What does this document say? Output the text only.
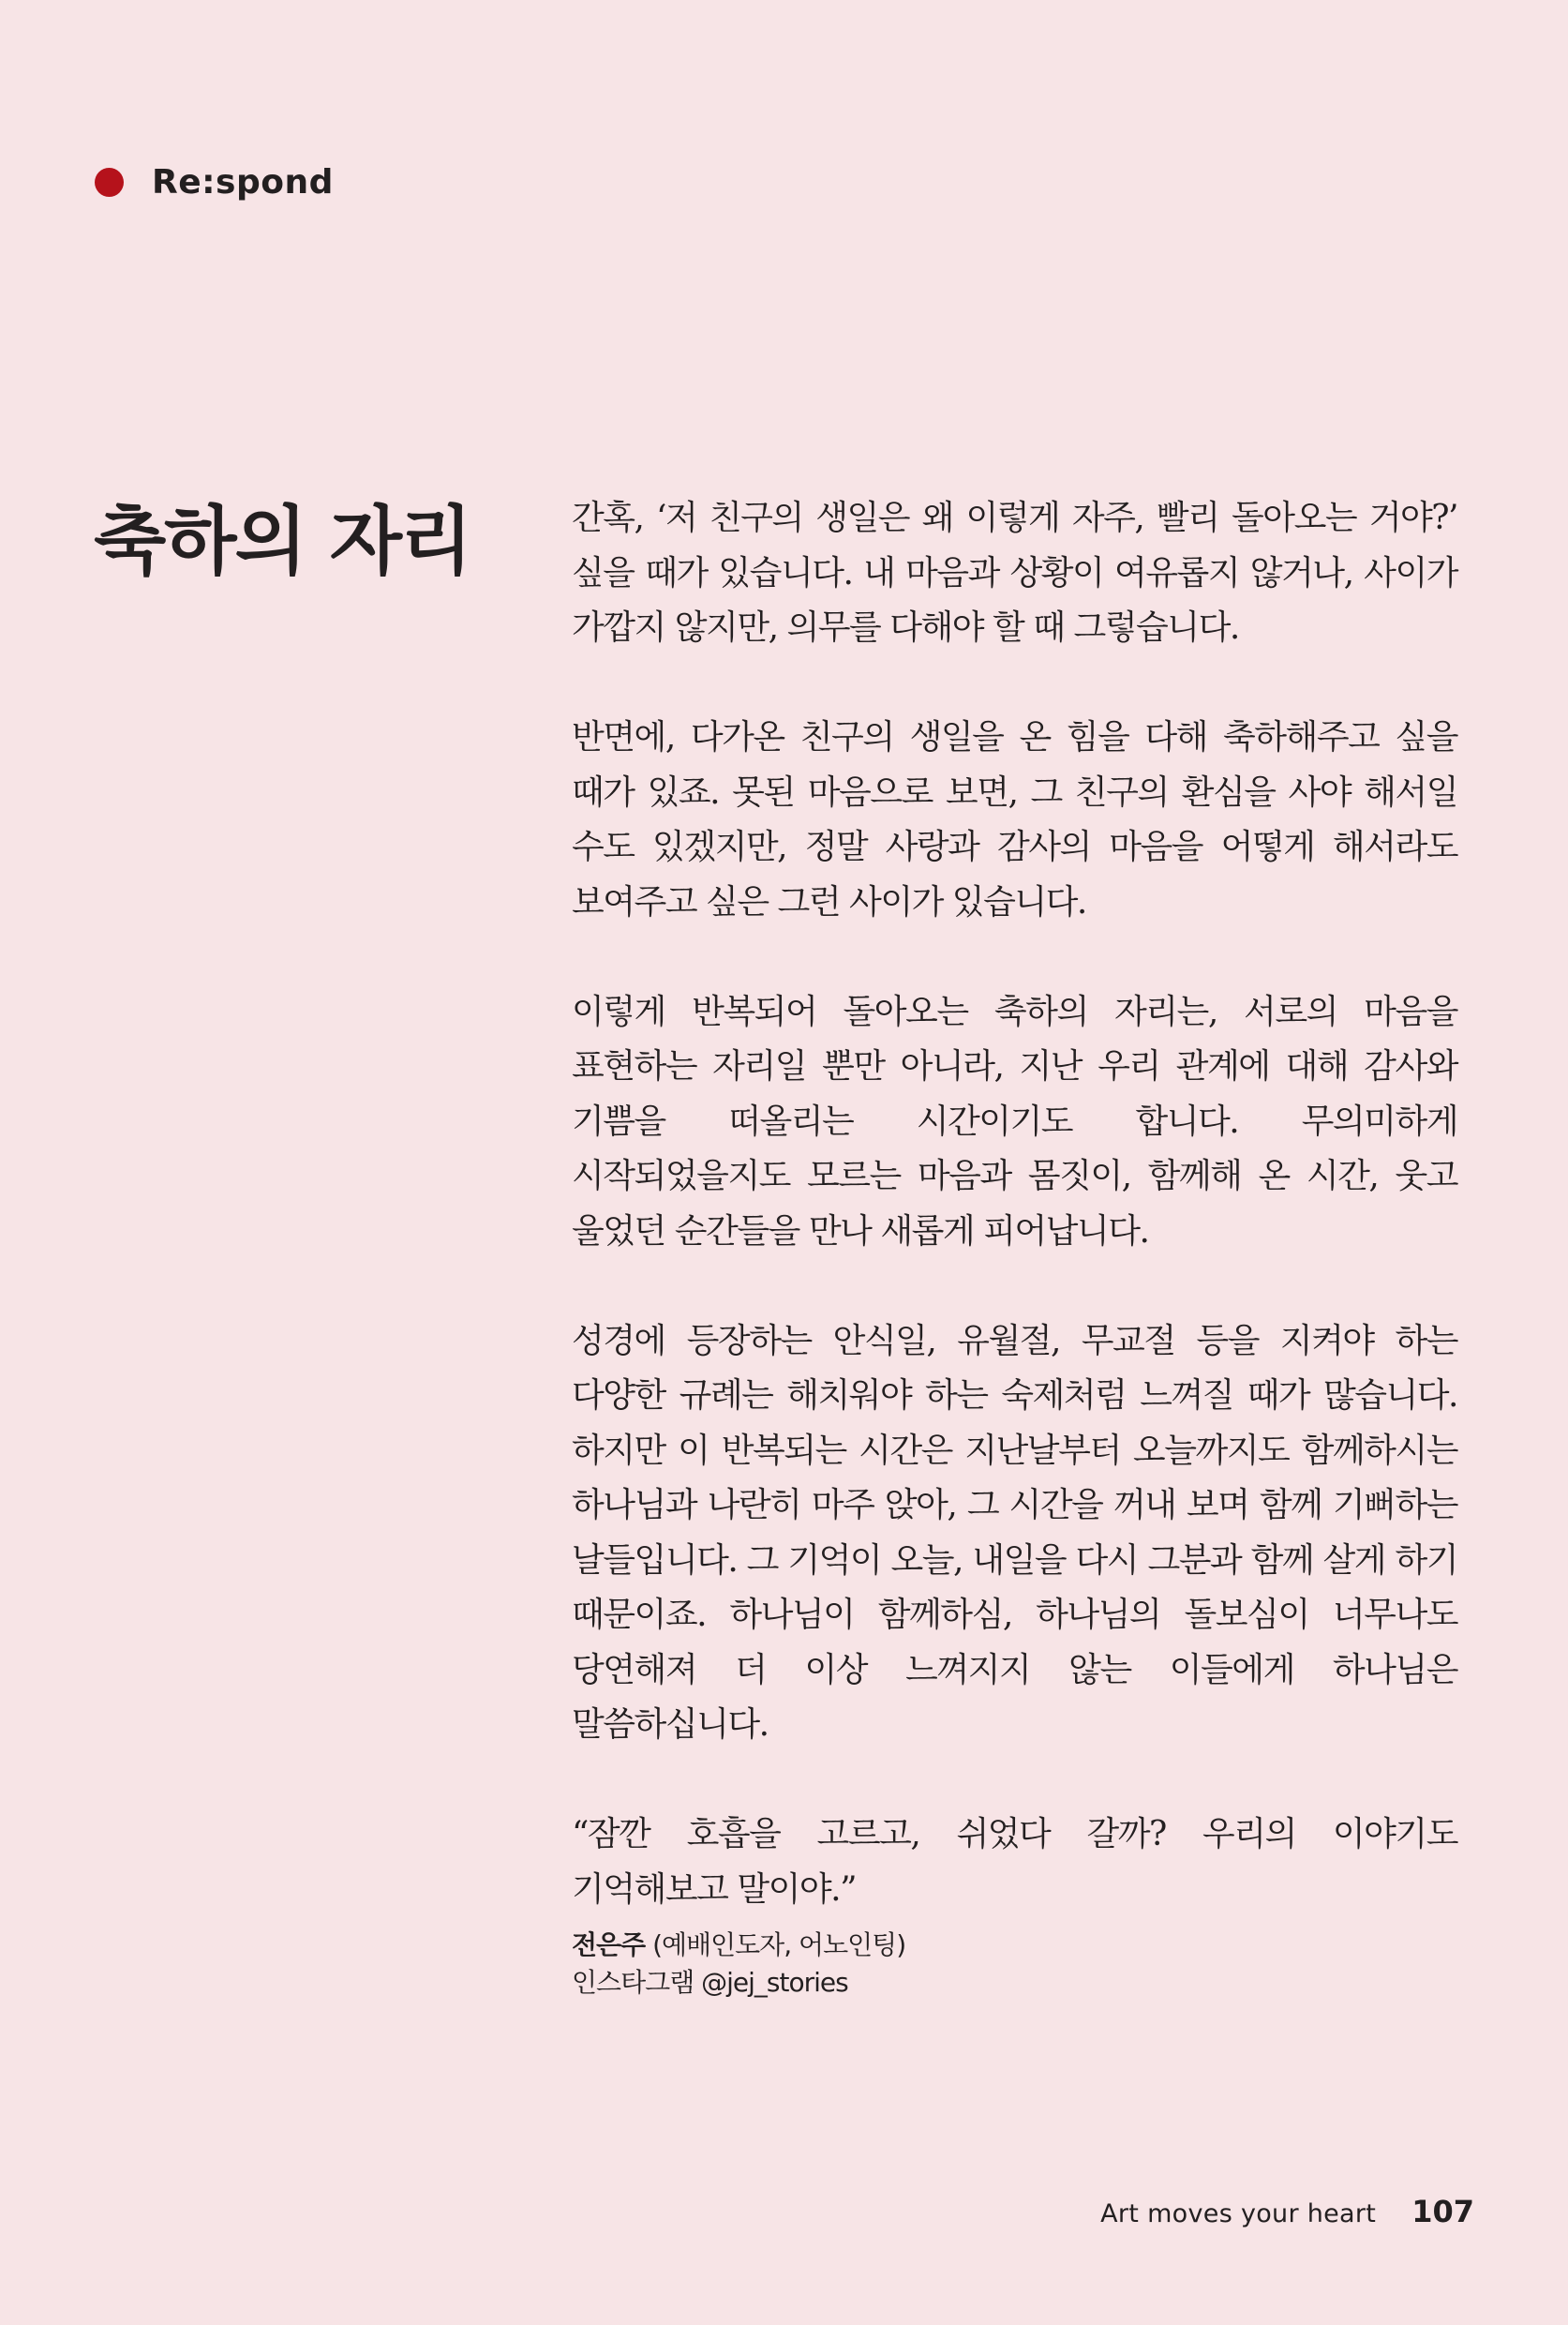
Re:spond
축하의 자리	간혹, ‘저 친구의 생일은 왜 이렇게 자주, 빨리 돌아오는 거야?’ 싶을 때가 있습니다. 내 마음과 상황이 여유롭지 않거나, 사이가 가깝지 않지만, 의무를 다해야 할 때 그렇습니다.

반면에, 다가온 친구의 생일을 온 힘을 다해 축하해주고 싶을 때가 있죠. 못된 마음으로 보면, 그 친구의 환심을 사야 해서일 수도 있겠지만, 정말 사랑과 감사의 마음을 어떻게 해서라도 보여주고 싶은 그런 사이가 있습니다.

이렇게 반복되어 돌아오는 축하의 자리는, 서로의 마음을 표현하는 자리일 뿐만 아니라, 지난 우리 관계에 대해 감사와 기쁨을 떠올리는 시간이기도 합니다. 무의미하게 시작되었을지도 모르는 마음과 몸짓이, 함께해 온 시간, 웃고 울었던 순간들을 만나 새롭게 피어납니다.

성경에 등장하는 안식일, 유월절, 무교절 등을 지켜야 하는 다양한 규례는 해치워야 하는 숙제처럼 느껴질 때가 많습니다. 하지만 이 반복되는 시간은 지난날부터 오늘까지도 함께하시는 하나님과 나란히 마주 앉아, 그 시간을 꺼내 보며 함께 기뻐하는 날들입니다. 그 기억이 오늘, 내일을 다시 그분과 함께 살게 하기 때문이죠. 하나님이 함께하심, 하나님의 돌보심이 너무나도 당연해져 더 이상 느껴지지 않는 이들에게 하나님은 말씀하십니다.

“잠깐 호흡을 고르고, 쉬었다 갈까? 우리의 이야기도 기억해보고 말이야.”

전은주 (예배인도자, 어노인팅)
인스타그램 @jej_stories
Art moves your heart 107
